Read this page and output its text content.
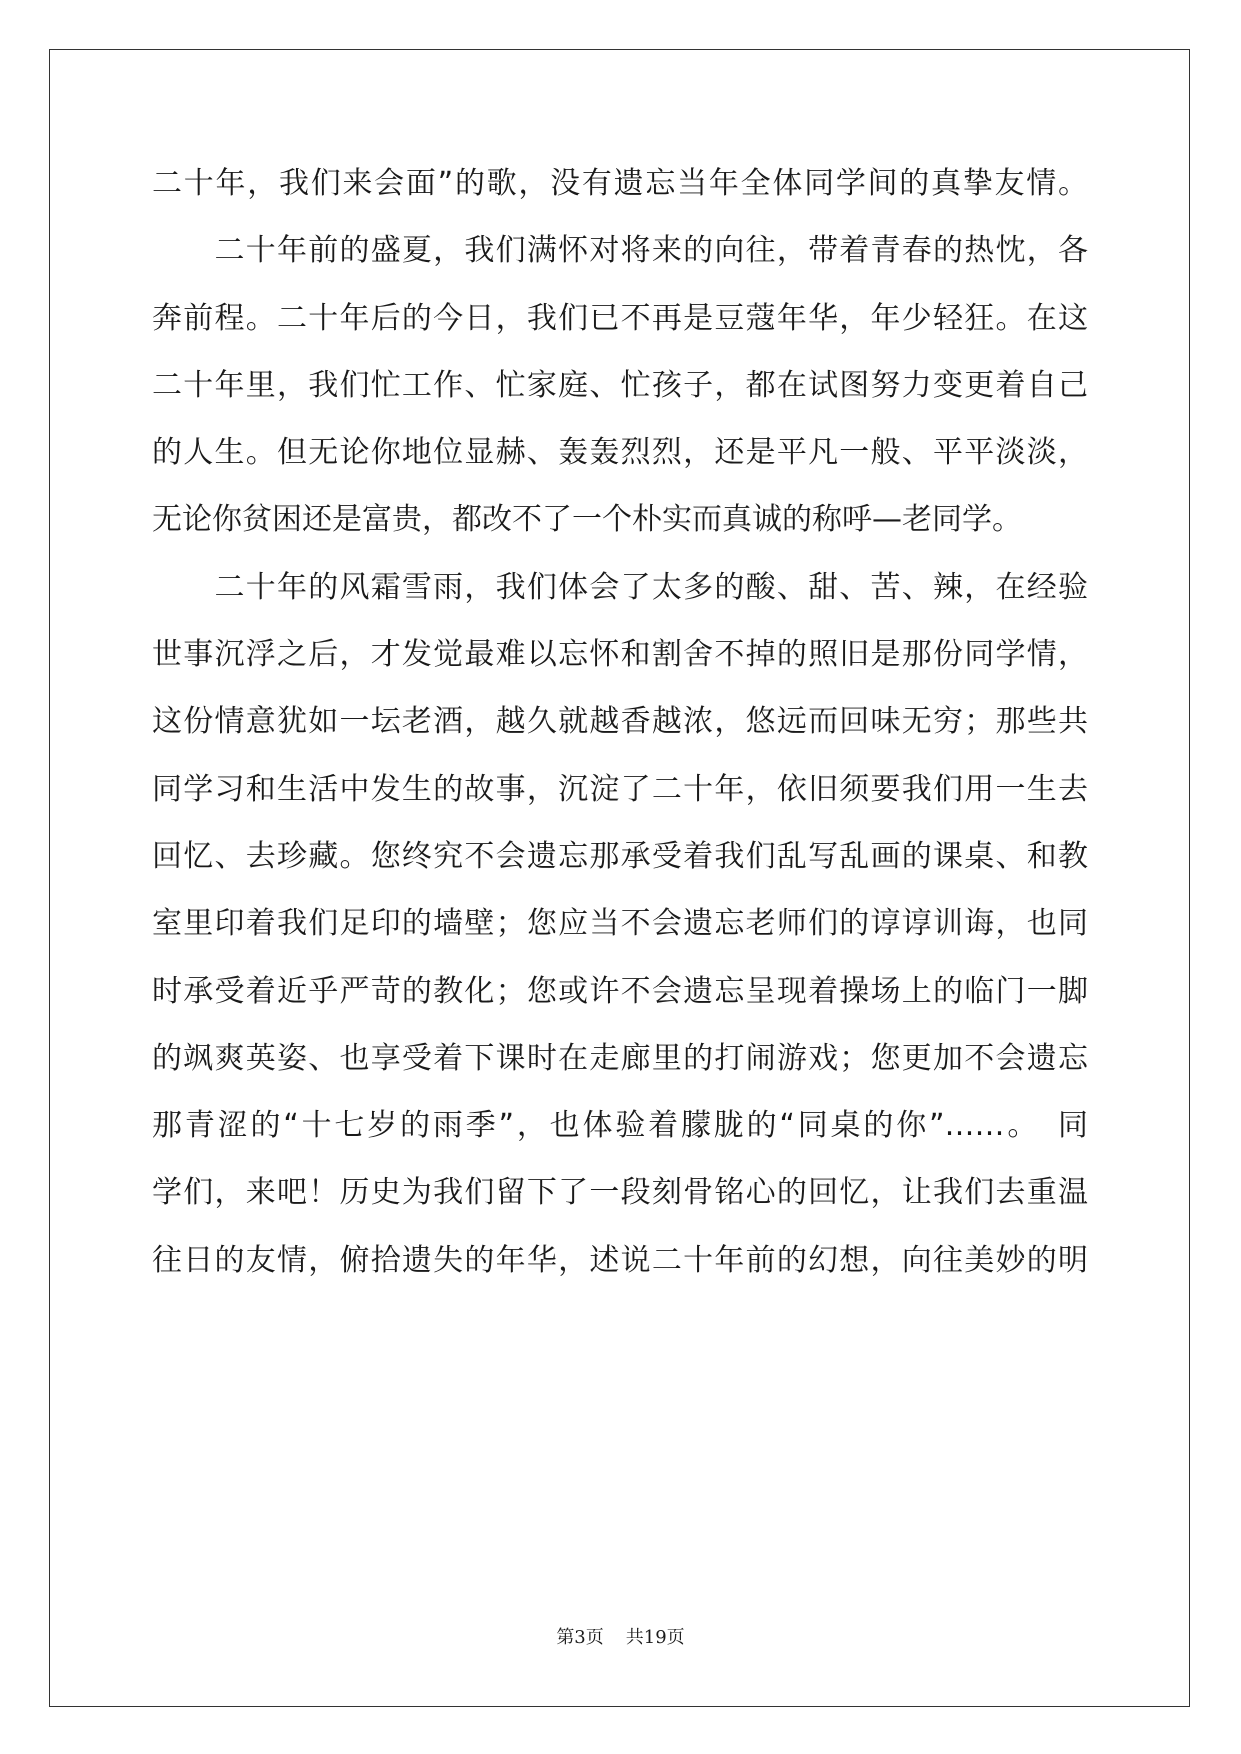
二十年，我们来会面”的歌，没有遗忘当年全体同学间的真挚友情。
　　二十年前的盛夏，我们满怀对将来的向往，带着青春的热忱，各
奔前程。二十年后的今日，我们已不再是豆蔻年华，年少轻狂。在这
二十年里，我们忙工作、忙家庭、忙孩子，都在试图努力变更着自己
的人生。但无论你地位显赫、轰轰烈烈，还是平凡一般、平平淡淡，
无论你贫困还是富贵，都改不了一个朴实而真诚的称呼—老同学。
　　二十年的风霜雪雨，我们体会了太多的酸、甜、苦、辣，在经验
世事沉浮之后，才发觉最难以忘怀和割舍不掉的照旧是那份同学情，
这份情意犹如一坛老酒，越久就越香越浓，悠远而回味无穷；那些共
同学习和生活中发生的故事，沉淀了二十年，依旧须要我们用一生去
回忆、去珍藏。您终究不会遗忘那承受着我们乱写乱画的课桌、和教
室里印着我们足印的墙壁；您应当不会遗忘老师们的谆谆训诲，也同
时承受着近乎严苛的教化；您或许不会遗忘呈现着操场上的临门一脚
的飒爽英姿、也享受着下课时在走廊里的打闹游戏；您更加不会遗忘
那青涩的“十七岁的雨季”，也体验着朦胧的“同桌的你”……。　同
学们，来吧！历史为我们留下了一段刻骨铭心的回忆，让我们去重温
往日的友情，俯拾遗失的年华，述说二十年前的幻想，向往美妙的明
第3页 共19页
